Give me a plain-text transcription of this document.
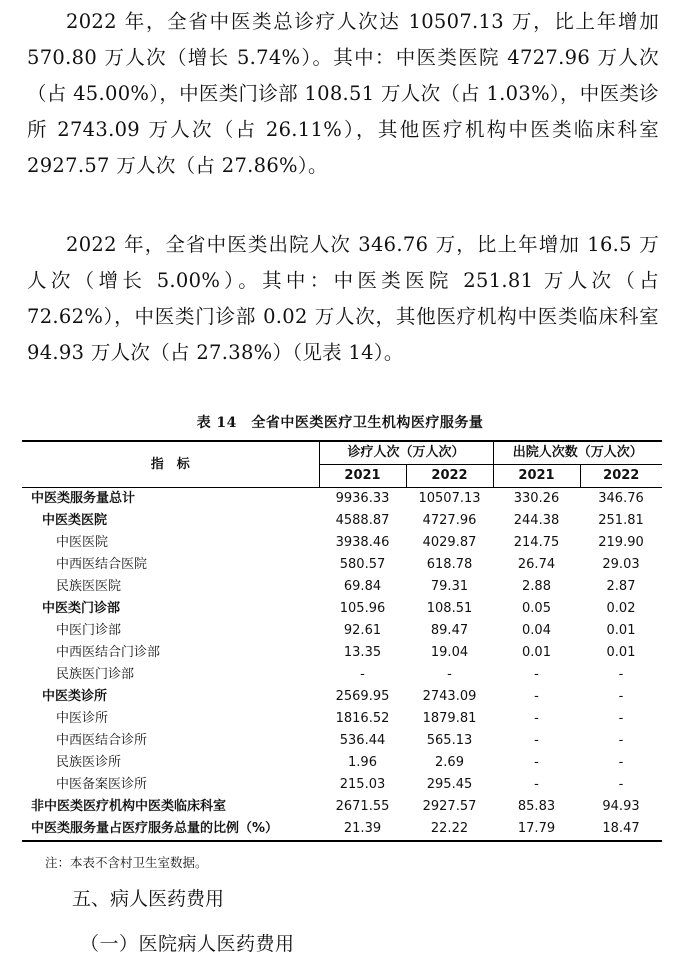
2022 年，全省中医类总诊疗人次达 10507.13 万，比上年增加 570.80 万人次（增长 5.74%）。其中：中医类医院 4727.96 万人次（占 45.00%），中医类门诊部 108.51 万人次（占 1.03%），中医类诊所 2743.09 万人次（占 26.11%），其他医疗机构中医类临床科室 2927.57 万人次（占 27.86%）。

2022 年，全省中医类出院人次 346.76 万，比上年增加 16.5 万人次（增长 5.00%）。其中：中医类医院 251.81 万人次（占 72.62%），中医类门诊部 0.02 万人次，其他医疗机构中医类临床科室 94.93 万人次（占 27.38%）（见表 14）。

表 14　全省中医类医疗卫生机构医疗服务量
指　标	诊疗人次（万人次）		出院人次数（万人次）	
	2021	2022	2021	2022
中医类服务量总计	9936.33	10507.13	330.26	346.76
中医类医院	4588.87	4727.96	244.38	251.81
中医医院	3938.46	4029.87	214.75	219.90
中西医结合医院	580.57	618.78	26.74	29.03
民族医医院	69.84	79.31	2.88	2.87
中医类门诊部	105.96	108.51	0.05	0.02
中医门诊部	92.61	89.47	0.04	0.01
中西医结合门诊部	13.35	19.04	0.01	0.01
民族医门诊部	-	-	-	-
中医类诊所	2569.95	2743.09	-	-
中医诊所	1816.52	1879.81	-	-
中西医结合诊所	536.44	565.13	-	-
民族医诊所	1.96	2.69	-	-
中医备案医诊所	215.03	295.45	-	-
非中医类医疗机构中医类临床科室	2671.55	2927.57	85.83	94.93
中医类服务量占医疗服务总量的比例（%）	21.39	22.22	17.79	18.47
注：本表不含村卫生室数据。
五、病人医药费用
（一）医院病人医药费用
